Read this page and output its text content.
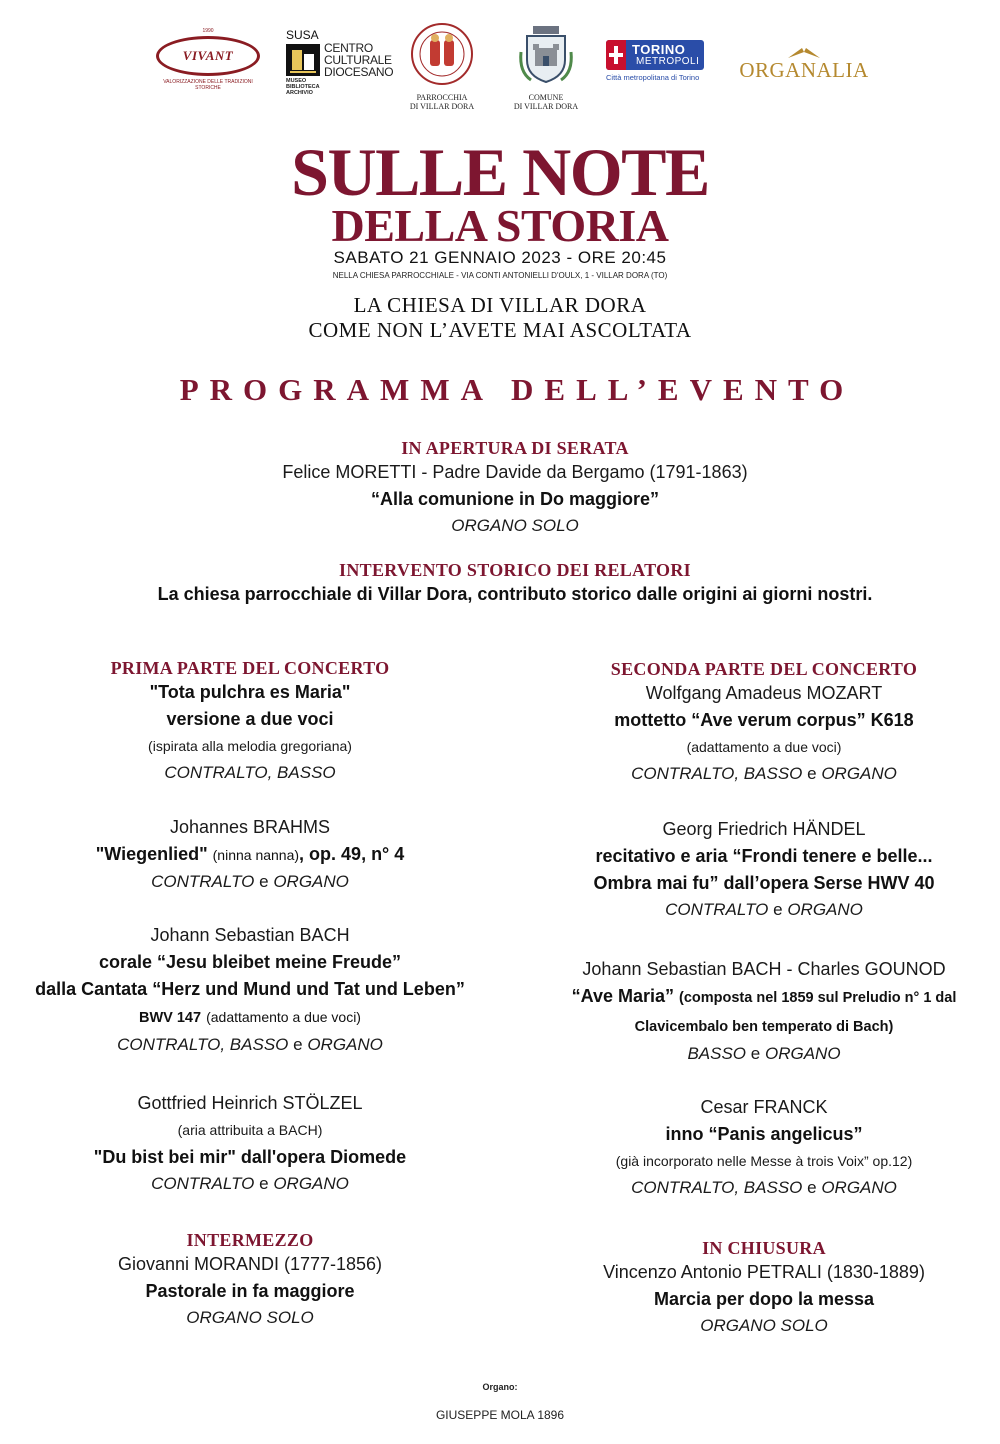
VIVANT
1990
VALORIZZAZIONE DELLE TRADIZIONI STORICHE
SUSA
CENTRO
CULTURALE
DIOCESANO
MUSEO
BIBLIOTECA
ARCHIVIO	PARROCCHIA
DI VILLAR DORA
COMUNE
DI VILLAR DORA
TORINO
METROPOLI
Città metropolitana di Torino ORGANALIA
SULLE NOTE
DELLA STORIA
SABATO 21 GENNAIO 2023 - ORE 20:45
NELLA CHIESA PARROCCHIALE - VIA CONTI ANTONIELLI D'OULX, 1 - VILLAR DORA (TO)
LA CHIESA DI VILLAR DORA
COME NON L’AVETE MAI ASCOLTATA
PROGRAMMA DELL’EVENTO
IN APERTURA DI SERATA
Felice MORETTI - Padre Davide da Bergamo (1791-1863)
“Alla comunione in Do maggiore”
ORGANO SOLO
INTERVENTO STORICO DEI RELATORI
La chiesa parrocchiale di Villar Dora, contributo storico dalle origini ai giorni nostri.
PRIMA PARTE DEL CONCERTO
"Tota pulchra es Maria"
versione a due voci
(ispirata alla melodia gregoriana)
CONTRALTO, BASSO
Johannes BRAHMS
"Wiegenlied" (ninna nanna), op. 49, n° 4
CONTRALTO e ORGANO
Johann Sebastian BACH
corale “Jesu bleibet meine Freude”
dalla Cantata “Herz und Mund und Tat und Leben”
BWV 147 (adattamento a due voci)
CONTRALTO, BASSO e ORGANO
Gottfried Heinrich STÖLZEL
(aria attribuita a BACH)
"Du bist bei mir" dall'opera Diomede
CONTRALTO e ORGANO
INTERMEZZO
Giovanni MORANDI (1777-1856)
Pastorale in fa maggiore
ORGANO SOLO
SECONDA PARTE DEL CONCERTO
Wolfgang Amadeus MOZART
mottetto “Ave verum corpus” K618
(adattamento a due voci)
CONTRALTO, BASSO e ORGANO
Georg Friedrich HÄNDEL
recitativo e aria “Frondi tenere e belle...
Ombra mai fu” dall’opera Serse HWV 40
CONTRALTO e ORGANO
Johann Sebastian BACH - Charles GOUNOD
“Ave Maria” (composta nel 1859 sul Preludio n° 1 dal
Clavicembalo ben temperato di Bach)
BASSO e ORGANO
Cesar FRANCK
inno “Panis angelicus”
(già incorporato nelle Messe à trois Voix” op.12)
CONTRALTO, BASSO e ORGANO
IN CHIUSURA
Vincenzo Antonio PETRALI (1830-1889)
Marcia per dopo la messa
ORGANO SOLO
Organo:
GIUSEPPE MOLA 1896
